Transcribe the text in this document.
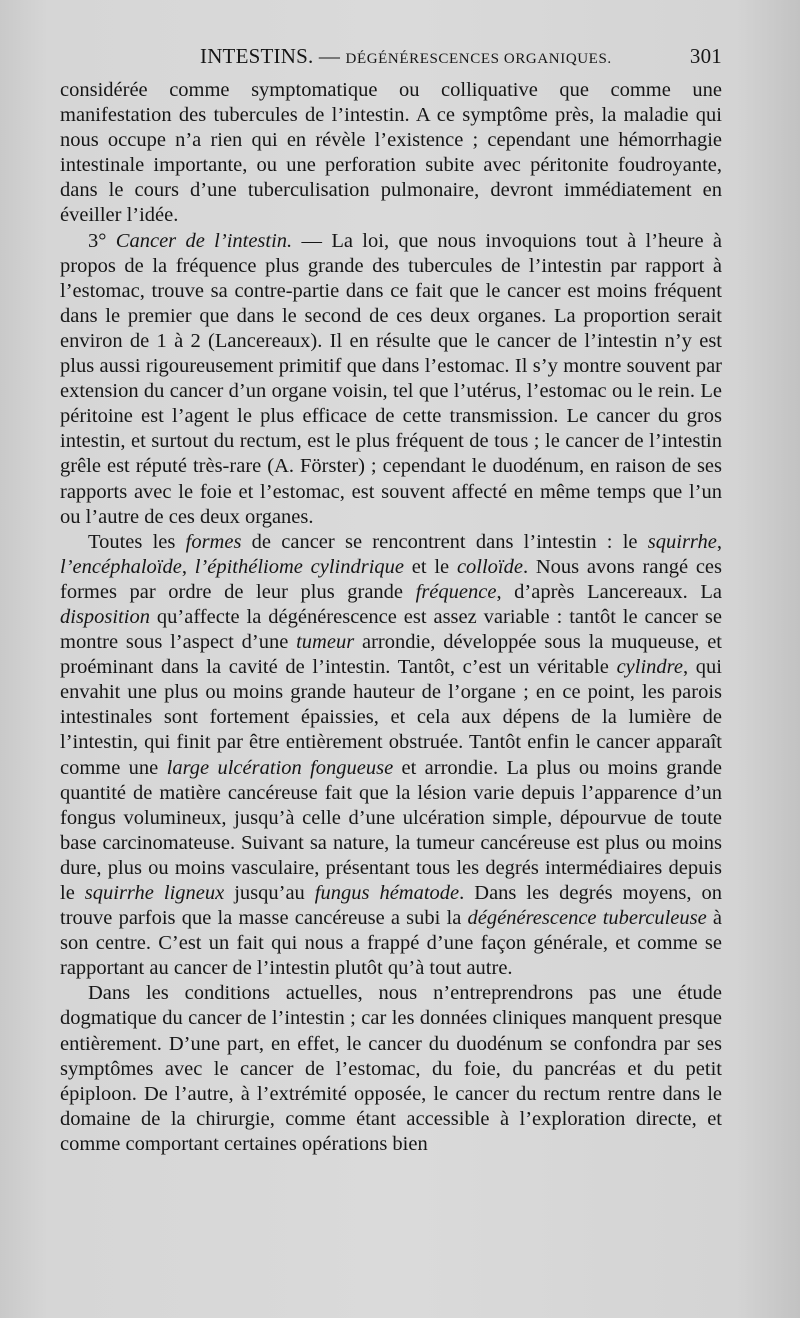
INTESTINS. — DÉGÉNÉRESCENCES ORGANIQUES.	301

considérée comme symptomatique ou colliquative que comme une manifestation des tubercules de l’intestin. A ce symptôme près, la maladie qui nous occupe n’a rien qui en révèle l’existence ; cependant une hémorrhagie intestinale importante, ou une perforation subite avec péritonite foudroyante, dans le cours d’une tuberculisation pulmonaire, devront immédiatement en éveiller l’idée.

3° Cancer de l’intestin. — La loi, que nous invoquions tout à l’heure à propos de la fréquence plus grande des tubercules de l’intestin par rapport à l’estomac, trouve sa contre-partie dans ce fait que le cancer est moins fréquent dans le premier que dans le second de ces deux organes. La proportion serait environ de 1 à 2 (Lancereaux). Il en résulte que le cancer de l’intestin n’y est plus aussi rigoureusement primitif que dans l’estomac. Il s’y montre souvent par extension du cancer d’un organe voisin, tel que l’utérus, l’estomac ou le rein. Le péritoine est l’agent le plus efficace de cette transmission. Le cancer du gros intestin, et surtout du rectum, est le plus fréquent de tous ; le cancer de l’intestin grêle est réputé très-rare (A. Förster) ; cependant le duodénum, en raison de ses rapports avec le foie et l’estomac, est souvent affecté en même temps que l’un ou l’autre de ces deux organes.

Toutes les formes de cancer se rencontrent dans l’intestin : le squirrhe, l’encéphaloïde, l’épithéliome cylindrique et le colloïde. Nous avons rangé ces formes par ordre de leur plus grande fréquence, d’après Lancereaux. La disposition qu’affecte la dégénérescence est assez variable : tantôt le cancer se montre sous l’aspect d’une tumeur arrondie, développée sous la muqueuse, et proéminant dans la cavité de l’intestin. Tantôt, c’est un véritable cylindre, qui envahit une plus ou moins grande hauteur de l’organe ; en ce point, les parois intestinales sont fortement épaissies, et cela aux dépens de la lumière de l’intestin, qui finit par être entièrement obstruée. Tantôt enfin le cancer apparaît comme une large ulcération fongueuse et arrondie. La plus ou moins grande quantité de matière cancéreuse fait que la lésion varie depuis l’apparence d’un fongus volumineux, jusqu’à celle d’une ulcération simple, dépourvue de toute base carcinomateuse. Suivant sa nature, la tumeur cancéreuse est plus ou moins dure, plus ou moins vasculaire, présentant tous les degrés intermédiaires depuis le squirrhe ligneux jusqu’au fungus hématode. Dans les degrés moyens, on trouve parfois que la masse cancéreuse a subi la dégénérescence tuberculeuse à son centre. C’est un fait qui nous a frappé d’une façon générale, et comme se rapportant au cancer de l’intestin plutôt qu’à tout autre.

Dans les conditions actuelles, nous n’entreprendrons pas une étude dogmatique du cancer de l’intestin ; car les données cliniques manquent presque entièrement. D’une part, en effet, le cancer du duodénum se confondra par ses symptômes avec le cancer de l’estomac, du foie, du pancréas et du petit épiploon. De l’autre, à l’extrémité opposée, le cancer du rectum rentre dans le domaine de la chirurgie, comme étant accessible à l’exploration directe, et comme comportant certaines opérations bien
